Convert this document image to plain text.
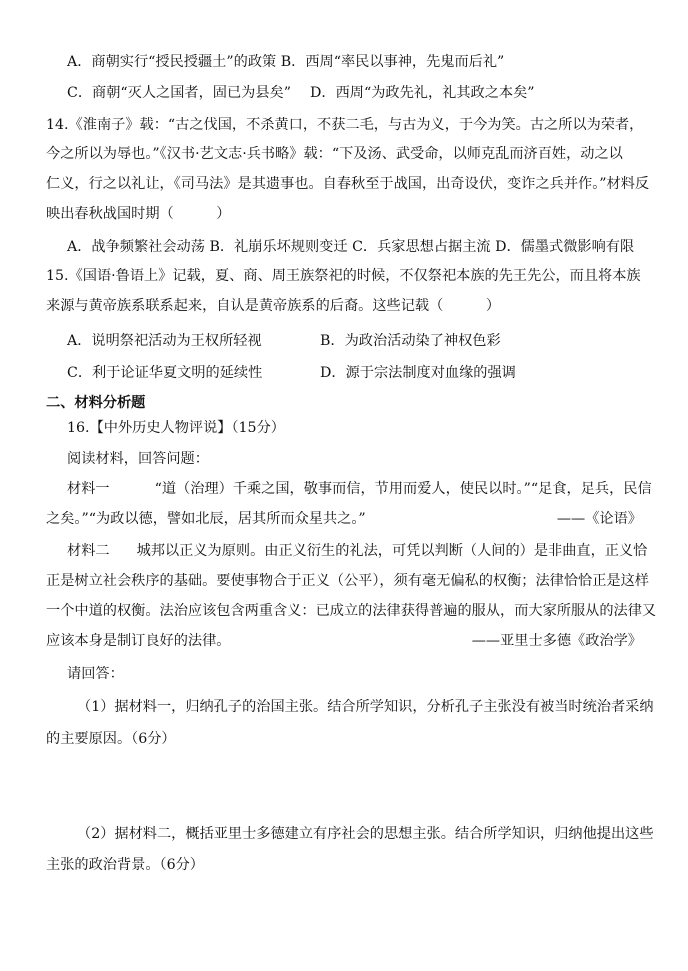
A．商朝实行“授民授疆土”的政策 B．西周“率民以事神，先鬼而后礼”
C．商朝“灭人之国者，固已为县矣” D．西周“为政先礼，礼其政之本矣”
14.《淮南子》载：“古之伐国，不杀黄口，不获二毛，与古为义，于今为笑。古之所以为荣者，
今之所以为辱也。”《汉书·艺文志·兵书略》载：“下及汤、武受命，以师克乱而济百姓，动之以
仁义，行之以礼让，《司马法》是其遗事也。自春秋至于战国，出奇设伏，变诈之兵并作。”材料反
映出春秋战国时期（　　　）
A．战争频繁社会动荡 B．礼崩乐坏规则变迁 C．兵家思想占据主流 D．儒墨式微影响有限
15.《国语·鲁语上》记载，夏、商、周王族祭祀的时候，不仅祭祀本族的先王先公，而且将本族
来源与黄帝族系联系起来，自认是黄帝族系的后裔。这些记载（　　　）
A．说明祭祀活动为王权所轻视	B．为政治活动染了神权色彩
C．利于论证华夏文明的延续性	D．源于宗法制度对血缘的强调
二、材料分析题
16.【中外历史人物评说】（15分）
阅读材料，回答问题：
材料一	“道（治理）千乘之国，敬事而信，节用而爱人，使民以时。”“足食，足兵，民信
之矣。”“为政以德，譬如北辰，居其所而众星共之。”	——《论语》
材料二 城邦以正义为原则。由正义衍生的礼法，可凭以判断（人间的）是非曲直，正义恰
正是树立社会秩序的基础。要使事物合于正义（公平），须有毫无偏私的权衡；法律恰恰正是这样
一个中道的权衡。法治应该包含两重含义：已成立的法律获得普遍的服从，而大家所服从的法律又
应该本身是制订良好的法律。	——亚里士多德《政治学》
请回答：
（1）据材料一，归纳孔子的治国主张。结合所学知识，分析孔子主张没有被当时统治者采纳
的主要原因。（6分）
（2）据材料二，概括亚里士多德建立有序社会的思想主张。结合所学知识，归纳他提出这些
主张的政治背景。（6分）
